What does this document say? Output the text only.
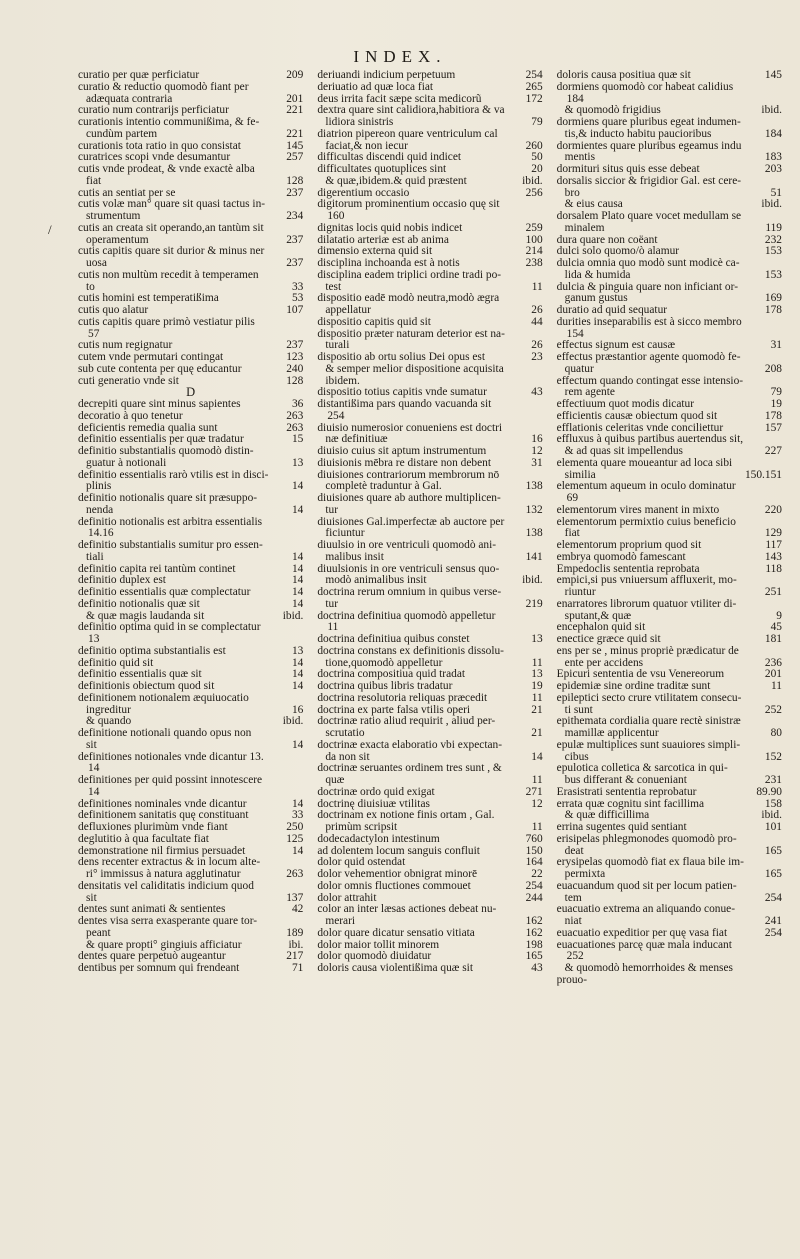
INDEX.
/
209
curatio per quæ perficiatur
curatio & reductio quomodò fiant per
201
adæquata contraria
221
curatio num contrarijs perficiatur
curationis intentio communißima, & fe-
221
cundùm partem
145
curationis tota ratio in quo consistat
257
curatrices scopi vnde desumantur
cutis vnde prodeat, & vnde exactè alba
128
fiat
237
cutis an sentiat per se
cutis volæ man° quare sit quasi tactus in-
234
strumentum
cutis an creata sit operando,an tantùm sit
237
operamentum
cutis capitis quare sit durior & minus ner
237
uosa
cutis non multùm recedit à temperamen
33
to
53
cutis homini est temperatißima
107
cutis quo alatur
cutis capitis quare primò vestiatur pilis
57
237
cutis num regignatur
123
cutem vnde permutari contingat
240
sub cute contenta per quę educantur
128
cuti generatio vnde sit
D
36
decrepiti quare sint minus sapientes
263
decoratio à quo tenetur
263
deficientis remedia qualia sunt
15
definitio essentialis per quæ tradatur
definitio substantialis quomodò distin-
13
guatur à notionali
definitio essentialis rarò vtilis est in disci-
14
plinis
definitio notionalis quare sit præsuppo-
14
nenda
definitio notionalis est arbitra essentialis
14.16
definitio substantialis sumitur pro essen-
14
tiali
14
definitio capita rei tantùm continet
14
definitio duplex est
14
definitio essentialis quæ complectatur
14
definitio notionalis quæ sit
ibid.
& quæ magis laudanda sit
definitio optima quid in se complectatur
13
13
definitio optima substantialis est
14
definitio quid sit
14
definitio essentialis quæ sit
14
definitionis obiectum quod sit
definitionem notionalem æquiuocatio
16
ingreditur
ibid.
& quando
definitione notionali quando opus non
14
sit
definitiones notionales vnde dicantur 13.
14
definitiones per quid possint innotescere
14
14
definitiones nominales vnde dicantur
33
definitionem sanitatis quę constituant
250
defluxiones plurimùm vnde fiant
125
deglutitio à qua facultate fiat
14
demonstratione nil firmius persuadet
dens recenter extractus & in locum alte-
263
ri° immissus à natura agglutinatur
densitatis vel caliditatis indicium quod
137
sit
42
dentes sunt animati & sentientes
dentes visa serra exasperante quare tor-
189
peant
ibi.
& quare propti° gingiuis afficiatur
217
dentes quare perpetuò augeantur
71
dentibus per somnum qui frendeant
254
deriuandi indicium perpetuum
265
deriuatio ad quæ loca fiat
172
deus irrita facit sæpe scita medicorũ
dextra quare sint calidiora,habitiora & va
79
lidiora sinistris
diatrion pipereon quare ventriculum cal
260
faciat,& non iecur
50
difficultas discendi quid indicet
20
difficultates quotuplices sint
ibid.
& quæ,ibidem.& quid præstent
256
digerentium occasio
digitorum prominentium occasio quę sit
160
259
dignitas locis quid nobis indicet
100
dilatatio arteriæ est ab anima
214
dimensio externa quid sit
238
disciplina inchoanda est à notis
disciplina eadem triplici ordine tradi po-
11
test
dispositio eadē modò neutra,modò ægra
26
appellatur
44
dispositio capitis quid sit
dispositio præter naturam deterior est na-
26
turali
23
dispositio ab ortu solius Dei opus est
& semper melior dispositione acquisita
ibidem.
43
dispositio totius capitis vnde sumatur
distantißima pars quando vacuanda sit
254
diuisio numerosior conueniens est doctri
16
næ definitiuæ
12
diuisio cuius sit aptum instrumentum
31
diuisionis mēbra re distare non debent
diuisiones contrariorum membrorum nō
138
completè traduntur à Gal.
diuisiones quare ab authore multiplicen-
132
tur
diuisiones Gal.imperfectæ ab auctore per
138
ficiuntur
diuulsio in ore ventriculi quomodò ani-
141
malibus insit
diuulsionis in ore ventriculi sensus quo-
ibid.
modò animalibus insit
doctrina rerum omnium in quibus verse-
219
tur
doctrina definitiua quomodò appelletur
11
13
doctrina definitiua quibus constet
doctrina constans ex definitionis dissolu-
11
tione,quomodò appelletur
13
doctrina compositiua quid tradat
19
doctrina quibus libris tradatur
11
doctrina resolutoria reliquas præcedit
21
doctrina ex parte falsa vtilis operi
doctrinæ ratio aliud requirit , aliud per-
21
scrutatio
doctrinæ exacta elaboratio vbi expectan-
14
da non sit
doctrinæ seruantes ordinem tres sunt , &
11
quæ
271
doctrinæ ordo quid exigat
12
doctrinę diuisiuæ vtilitas
doctrinam ex notione finis ortam , Gal.
11
primùm scripsit
760
dodecadactylon intestinum
150
ad dolentem locum sanguis confluit
164
dolor quid ostendat
22
dolor vehementior obnigrat minorē
254
dolor omnis fluctiones commouet
244
dolor attrahit
color an inter læsas actiones debeat nu-
162
merari
162
dolor quare dicatur sensatio vitiata
198
dolor maior tollit minorem
165
dolor quomodò diuidatur
43
doloris causa violentißima quæ sit
145
doloris causa positiua quæ sit
dormiens quomodò cor habeat calidius
184
ibid.
& quomodò frigidius
dormiens quare pluribus egeat indumen-
184
tis,& inducto habitu paucioribus
dormientes quare pluribus egeamus indu
183
mentis
203
dormituri situs quis esse debeat
dorsalis siccior & frigidior Gal. est cere-
51
bro
ibid.
& eius causa
dorsalem Plato quare vocet medullam se
119
minalem
232
dura quare non coëant
153
dulci solo quomo/ò alamur
dulcia omnia quo modò sunt modicè ca-
153
lida & humida
dulcia & pinguia quare non inficiant or-
169
ganum gustus
178
duratio ad quid sequatur
durities inseparabilis est à sicco membro
154
31
effectus signum est causæ
effectus præstantior agente quomodò fe-
208
quatur
effectum quando contingat esse intensio-
79
rem agente
19
effectiuum quot modis dicatur
178
efficientis causæ obiectum quod sit
157
efflationis celeritas vnde conciliettur
effluxus à quibus partibus auertendus sit,
227
& ad quas sit impellendus
elementa quare moueantur ad loca sibi
150.151
similia
elementum aqueum in oculo dominatur
69
220
elementorum vires manent in mixto
elementorum permixtio cuius beneficio
129
fiat
117
elementorum proprium quod sit
143
embrya quomodò famescant
118
Empedoclis sententia reprobata
empici,si pus vniuersum affluxerit, mo-
251
riuntur
enarratores librorum quatuor vtiliter di-
9
sputant,& quæ
45
encephalon quid sit
181
enectice græce quid sit
ens per se , minus propriè prædicatur de
236
ente per accidens
201
Epicuri sententia de vsu Venereorum
11
epidemiæ sine ordine traditæ sunt
epileptici secto crure vtilitatem consecu-
252
ti sunt
epithemata cordialia quare rectè sinistræ
80
mamillæ applicentur
epulæ multiplices sunt suauiores simpli-
152
cibus
epulotica colletica & sarcotica in qui-
231
bus differant & conueniant
89.90
Erasistrati sententia reprobatur
158
errata quæ cognitu sint facillima
ibid.
& quæ difficillima
101
errina sugentes quid sentiant
erisipelas phlegmonodes quomodò pro-
165
deat
erysipelas quomodò fiat ex flaua bile im-
165
permixta
euacuandum quod sit per locum patien-
254
tem
euacuatio extrema an aliquando conue-
241
niat
254
euacuatio expeditior per quę vasa fiat
euacuationes parcę quæ mala inducant
252
& quomodò hemorrhoides & menses
prouo-
